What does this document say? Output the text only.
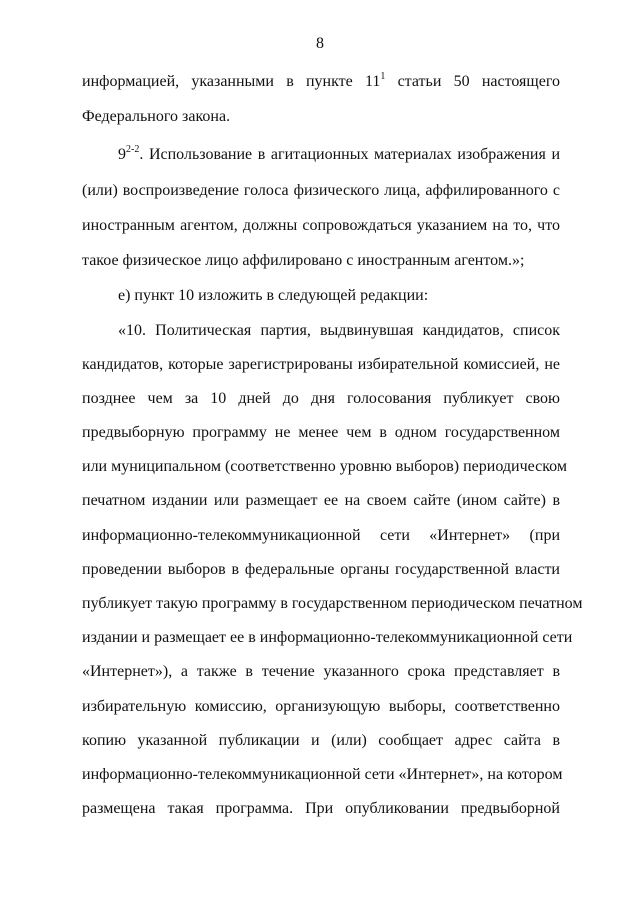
8
информацией, указанными в пункте $11^1$ статьи 50 настоящего
Федерального закона.
9$^{2-2}$. Использование в агитационных материалах изображения и
(или) воспроизведение голоса физического лица, аффилированного с
иностранным агентом, должны сопровождаться указанием на то, что
такое физическое лицо аффилировано с иностранным агентом.»;
е) пункт 10 изложить в следующей редакции:
«10. Политическая партия, выдвинувшая кандидатов, список
кандидатов, которые зарегистрированы избирательной комиссией, не
позднее чем за 10 дней до дня голосования публикует свою
предвыборную программу не менее чем в одном государственном
или муниципальном (соответственно уровню выборов) периодическом
печатном издании или размещает ее на своем сайте (ином сайте) в
информационно-телекоммуникационной сети «Интернет» (при
проведении выборов в федеральные органы государственной власти
публикует такую программу в государственном периодическом печатном
издании и размещает ее в информационно-телекоммуникационной сети
«Интернет»), а также в течение указанного срока представляет в
избирательную комиссию, организующую выборы, соответственно
копию указанной публикации и (или) сообщает адрес сайта в
информационно-телекоммуникационной сети «Интернет», на котором
размещена такая программа. При опубликовании предвыборной
